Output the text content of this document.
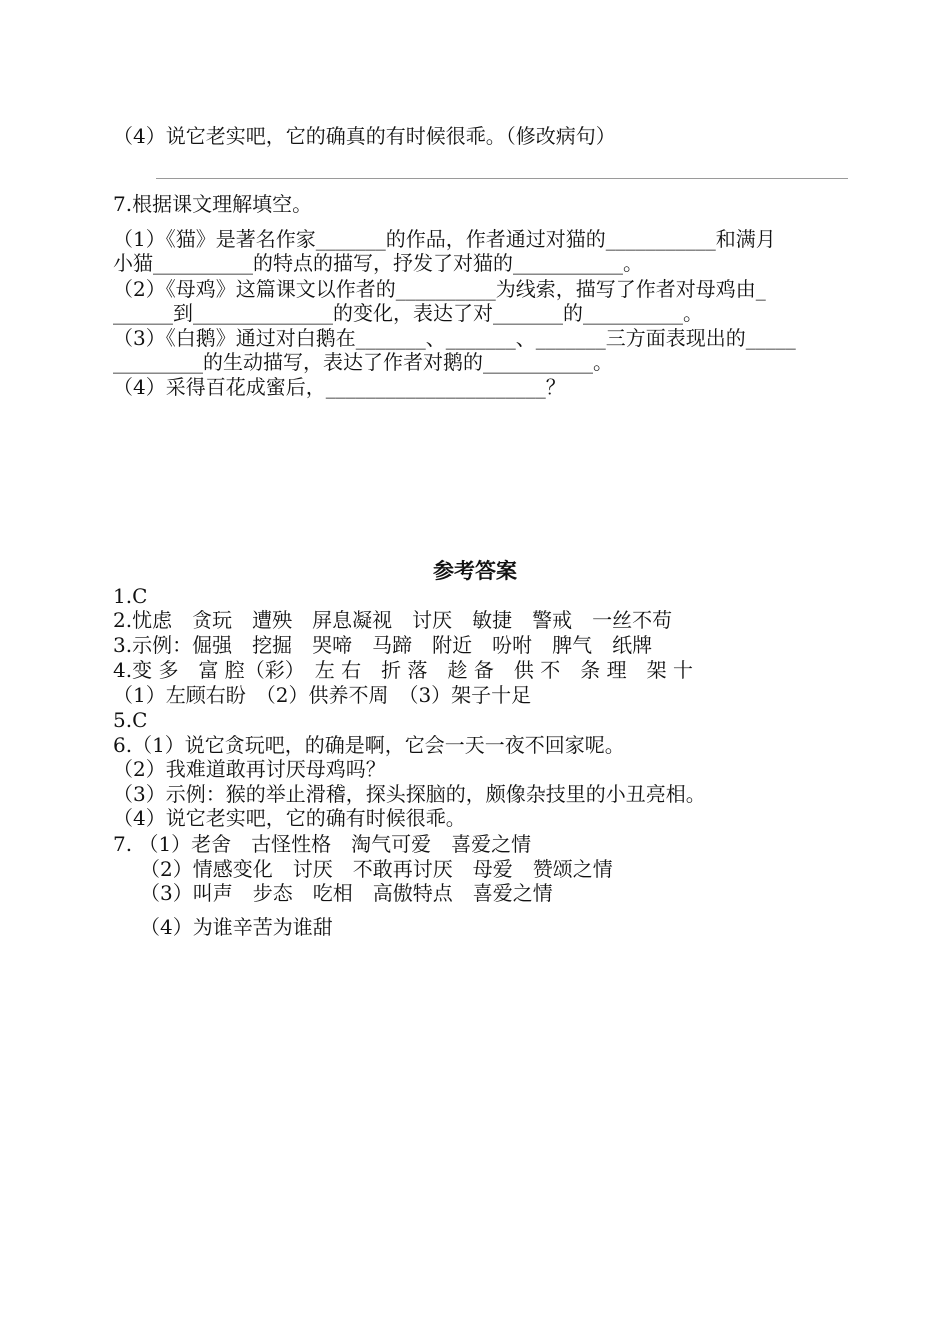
（4）说它老实吧，它的确真的有时候很乖。（修改病句）
7.根据课文理解填空。
（1）《猫》是著名作家_______的作品，作者通过对猫的___________和满月
小猫__________的特点的描写，抒发了对猫的___________。
（2）《母鸡》这篇课文以作者的__________为线索，描写了作者对母鸡由_
______到______________的变化，表达了对_______的__________。
（3）《白鹅》通过对白鹅在_______、_______、_______三方面表现出的_____
_________的生动描写，表达了作者对鹅的___________。
（4）采得百花成蜜后，______________________？
参考答案
1.C
2.忧虑　贪玩　遭殃　屏息凝视　讨厌　敏捷　警戒　一丝不苟
3.示例：倔强　挖掘　哭啼　马蹄　附近　吩咐　脾气　纸牌
4.变 多　富 腔（彩）　左 右　折 落　趁 备　供 不　条 理　架 十
（1）左顾右盼　（2）供养不周　（3）架子十足
5.C
6.（1）说它贪玩吧，的确是啊，它会一天一夜不回家呢。
（2）我难道敢再讨厌母鸡吗？
（3）示例：猴的举止滑稽，探头探脑的，颇像杂技里的小丑亮相。
（4）说它老实吧，它的确有时候很乖。
7. （1）老舍　古怪性格　淘气可爱　喜爱之情
（2）情感变化　讨厌　不敢再讨厌　母爱　赞颂之情
（3）叫声　步态　吃相　高傲特点　喜爱之情
（4）为谁辛苦为谁甜
